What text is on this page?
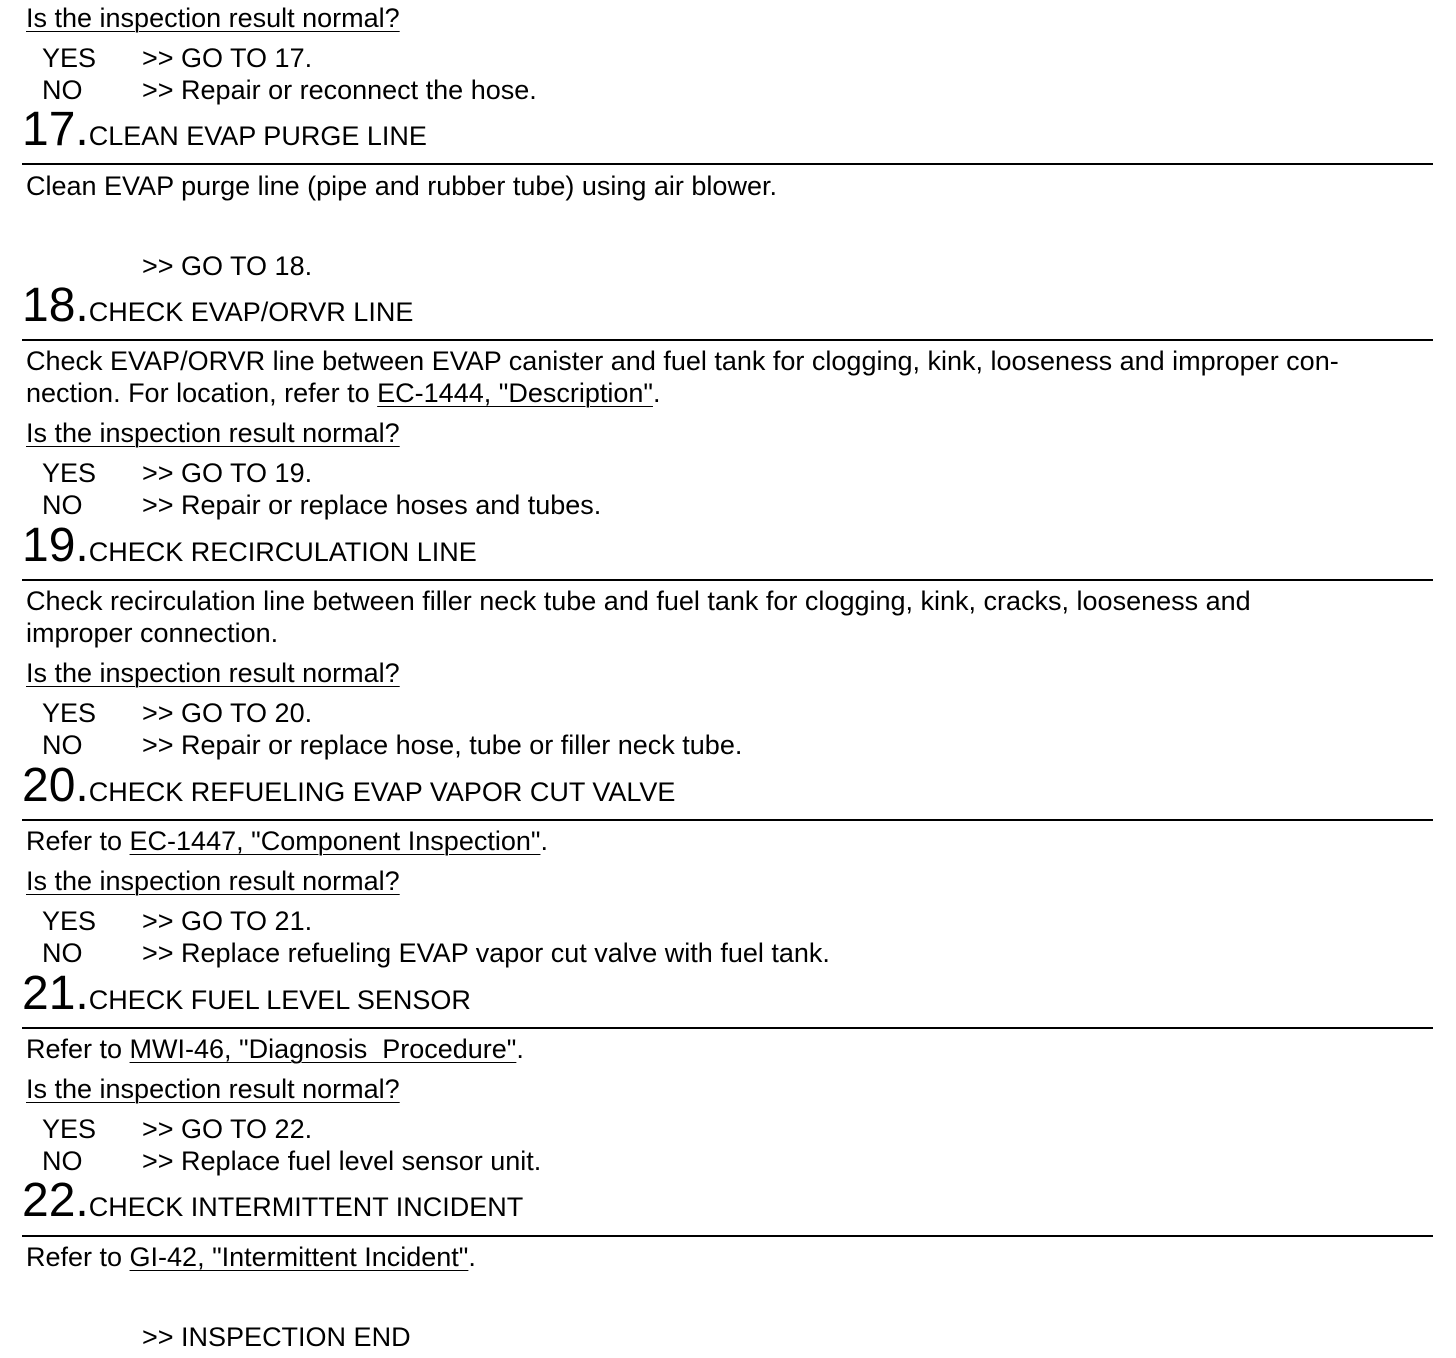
Is the inspection result normal?
YES >> GO TO 17.
NO >> Repair or reconnect the hose.
17.CLEAN EVAP PURGE LINE
Clean EVAP purge line (pipe and rubber tube) using air blower.
>> GO TO 18.
18.CHECK EVAP/ORVR LINE
Check EVAP/ORVR line between EVAP canister and fuel tank for clogging, kink, looseness and improper con-
nection. For location, refer to EC-1444, "Description".
Is the inspection result normal?
YES >> GO TO 19.
NO >> Repair or replace hoses and tubes.
19.CHECK RECIRCULATION LINE
Check recirculation line between filler neck tube and fuel tank for clogging, kink, cracks, looseness and
improper connection.
Is the inspection result normal?
YES >> GO TO 20.
NO >> Repair or replace hose, tube or filler neck tube.
20.CHECK REFUELING EVAP VAPOR CUT VALVE
Refer to EC-1447, "Component Inspection".
Is the inspection result normal?
YES >> GO TO 21.
NO >> Replace refueling EVAP vapor cut valve with fuel tank.
21.CHECK FUEL LEVEL SENSOR
Refer to MWI-46, "Diagnosis  Procedure".
Is the inspection result normal?
YES >> GO TO 22.
NO >> Replace fuel level sensor unit.
22.CHECK INTERMITTENT INCIDENT
Refer to GI-42, "Intermittent Incident".
>> INSPECTION END
